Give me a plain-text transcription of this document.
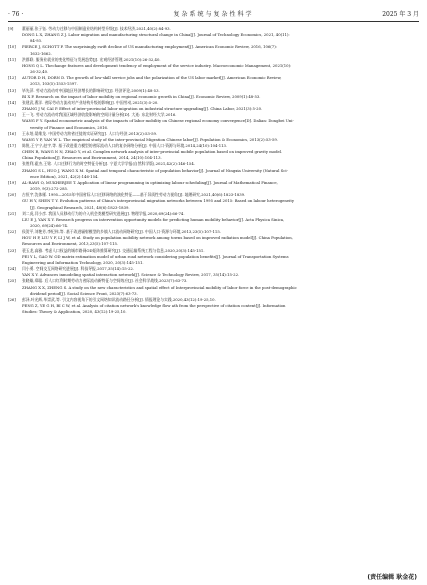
· 76 ·	复杂系统与复杂性科学	2025 年 3 月
[9] 董丽丽,张子钰. 劳动力迁移与中国制造业结构转型升级[J]. 技术经济,2021,40(2):84-93.
DONG L X, ZHANG Z J. Labor migration and manufacturing structural change in China[J]. Journal of Technology Economics, 2021, 40(11):
84-93.
[10] PIERCE J, SCHOTT P. The surprisingly swift decline of US manufacturing employment[J]. American Economic Review, 2016, 106(7):
1632-1662.
[11] 洪群联. 服务业就业的变化特征与发展趋势[J]. 宏观经济管理,2021(10):26-32,40.
HONG Q L. Thechange features and development tendency of employment of the service industry. Macroeconomic Management, 2021(10):
26-32,40.
[12] AUTOR D H, DORN D. The growth of low-skill service jobs and the polarization of the US labor market[J]. American Economic Review,
2013, 103(5):1553-1597.
[13] 毕先萍. 劳动力流动对中国地区经济增长的影响研究[J]. 经济评论,2009(1):48-53.
BI X P. Research on the impact of labor mobility on regional economic growth in China[J]. Economic Review, 2009(1):48-53.
[14] 张建武,曹洋. 省际劳动力流动对产业结构升级的影响[J]. 中国劳动,2021(3):5-20.
ZHANG J W, CAI P. Effect of inter-provincial labor migration on industrial structure upgrading[J]. China Labor, 2021(3):5-20.
[15] 王一飞. 劳动力流动对我国区域经济收敛影响的空间计量分析[D]. 大连: 东北财经大学,2016.
WANG F Y. Spatial econometric analysis of the impacts of labor mobility on Chinese regional economy convergence[D]. Dalian: Dongbei Uni-
versity of Finance and Economics, 2016.
[16] 王永培,晏维龙. 中国劳动力跨省迁徙的实证研究[J]. 人口与经济,2013(2):53-59.
WANG Y P, YAN W L. The empirical study of the inter-provincial Migration Chinese labor[J]. Population & Economics, 2013(2):53-59.
[17] 陈锐,王宁宁,赵宇,等. 基于改进重力模型的省际流动人口的复杂网络分析[J]. 中国人口·资源与环境,2014,24(10):104-113.
CHEN R, WANG N N, ZHAO Y, et al. Complex network analysis of inter-provincial mobile population based on improved gravity model.
China Population[J]. Resources and Environment, 2014, 24(10):104-113.
[18] 张胜利,霍杰,王铭. 人口迁移行为的时空特征分析[J]. 宁夏大学学报(自然科学版),2021,42(2):146-154.
ZHANG S L, HUO J, WANG X M. Spatial and temporal characteristic of population behavior[J]. Journal of Ningxia University (Natural Sci-
ence Edition), 2021, 42(2):146-154.
[19] AL-RAWI O, MUKHERJEE T. Application of linear programming in optimizing labour scheduling[J]. Journal of Mathematical Finance,
2019, 9(3):272-285.
[20] 古恒宇,沈体雁. 1995—2015年中国省际人口迁移网络的演化特征——基于异质性劳动力视角[J]. 地理研究,2021,40(6):1823-1839.
GU H Y, SHEN T Y. Evolution patterns of China's interprovincial migration networks between 1995 and 2015: Based on labour heterogeneity
[J]. Geographical Research, 2021, 40(6):1823-1839.
[21] 刘二虎,闫小彦. 我国人员移动行为的介入机会类模型研究进展[J]. 物理学报,2020,69(24):66-74.
LIU E J, YAN X Y. Research progress on intervention opportunity models for predicting human mobility behavior[J]. Acta Physica Sinica,
2020, 69(24):66-74.
[22] 侯贺平,刘艳芳,李纪伟,等. 基于改进辐射模型的乡镇人口流动网络研究[J]. 中国人口·资源与环境,2013,23(5):107-115.
HOU H P, LIU Y F, LI J W, et al. Study on population mobility network among towns based on improved radiation model[J]. China Population,
Resources and Environment, 2013,23(5):107-115.
[23] 裴玉龙,高雅. 考虑人口权益的城市路网OD矩阵推算研究[J]. 交通运输系统工程与信息,2020,20(3):145-151.
PEI Y L, GAO W. OD matrix estimation model of urban road network considering population benefits[J]. Journal of Transportation Systems
Engineering and Information Technology, 2020, 20(3):145-151.
[24] 闫小勇. 空间交互网络研究进展[J]. 科技导报,2017,35(14):15-22.
YAN X Y. Advances inmodeling spatial interaction network[J]. Science & Technology Review, 2017, 35(14):15-22.
[25] 张晓雄,郑聪. 后人口红利时期劳动力省际流动新特征与空间效应[J]. 社会科学战线,2023(7):63-73.
ZHANG X X, ZHENG S. A study on the new characteristics and spatial effect of Interprovincial mobility of labor force in the post-demographic
dividend period[J]. Social Science Front, 2023(7):63-73.
[26] 彭泽,叶光辉,毕崇武,等. 引文内容视角下的引文网络知识流动路径分析[J]. 情报理论与实践,2020,43(12):19-25,10.
PENG Z, YE G H, BI C W, et al. Analysis of citation network's knowledge flow ath from the perspective of citation content[J]. Information
Studies: Theory & Application, 2020, 43(12):19-25,10.
(责任编辑 耿金花)
